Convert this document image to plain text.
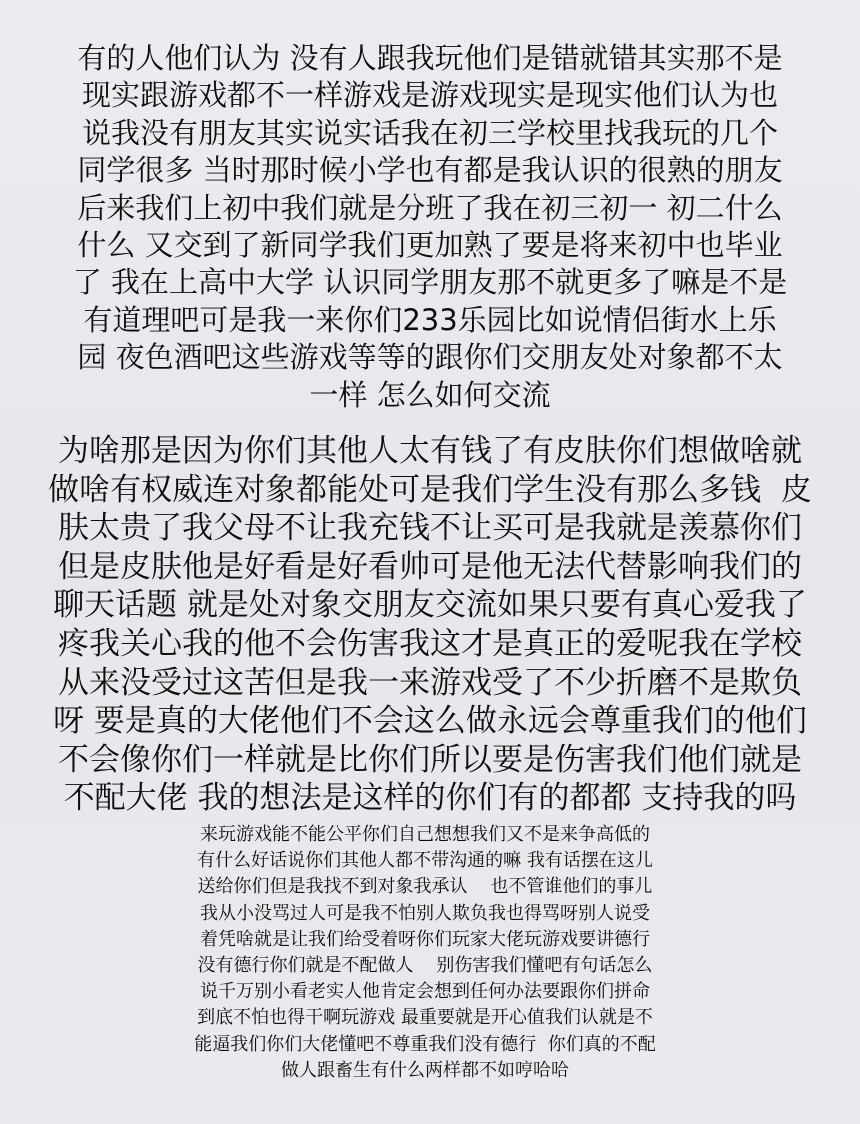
有的人他们认为 没有人跟我玩他们是错就错其实那不是
现实跟游戏都不一样游戏是游戏现实是现实他们认为也
说我没有朋友其实说实话我在初三学校里找我玩的几个
同学很多 当时那时候小学也有都是我认识的很熟的朋友
后来我们上初中我们就是分班了我在初三初一 初二什么
什么 又交到了新同学我们更加熟了要是将来初中也毕业
了 我在上高中大学 认识同学朋友那不就更多了嘛是不是
有道理吧可是我一来你们233乐园比如说情侣街水上乐
园 夜色酒吧这些游戏等等的跟你们交朋友处对象都不太
一样 怎么如何交流
为啥那是因为你们其他人太有钱了有皮肤你们想做啥就
做啥有权威连对象都能处可是我们学生没有那么多钱  皮
肤太贵了我父母不让我充钱不让买可是我就是羡慕你们
但是皮肤他是好看是好看帅可是他无法代替影响我们的
聊天话题 就是处对象交朋友交流如果只要有真心爱我了
疼我关心我的他不会伤害我这才是真正的爱呢我在学校
从来没受过这苦但是我一来游戏受了不少折磨不是欺负
呀 要是真的大佬他们不会这么做永远会尊重我们的他们
不会像你们一样就是比你们所以要是伤害我们他们就是
不配大佬 我的想法是这样的你们有的都都 支持我的吗
来玩游戏能不能公平你们自己想想我们又不是来争高低的
有什么好话说你们其他人都不带沟通的嘛 我有话摆在这儿
送给你们但是我找不到对象我承认    也不管谁他们的事儿
我从小没骂过人可是我不怕别人欺负我也得骂呀别人说受
着凭啥就是让我们给受着呀你们玩家大佬玩游戏要讲德行
没有德行你们就是不配做人    别伤害我们懂吧有句话怎么
说千万别小看老实人他肯定会想到任何办法要跟你们拼命
到底不怕也得干啊玩游戏 最重要就是开心值我们认就是不
能逼我们你们大佬懂吧不尊重我们没有德行  你们真的不配
做人跟畜生有什么两样都不如哼哈哈
